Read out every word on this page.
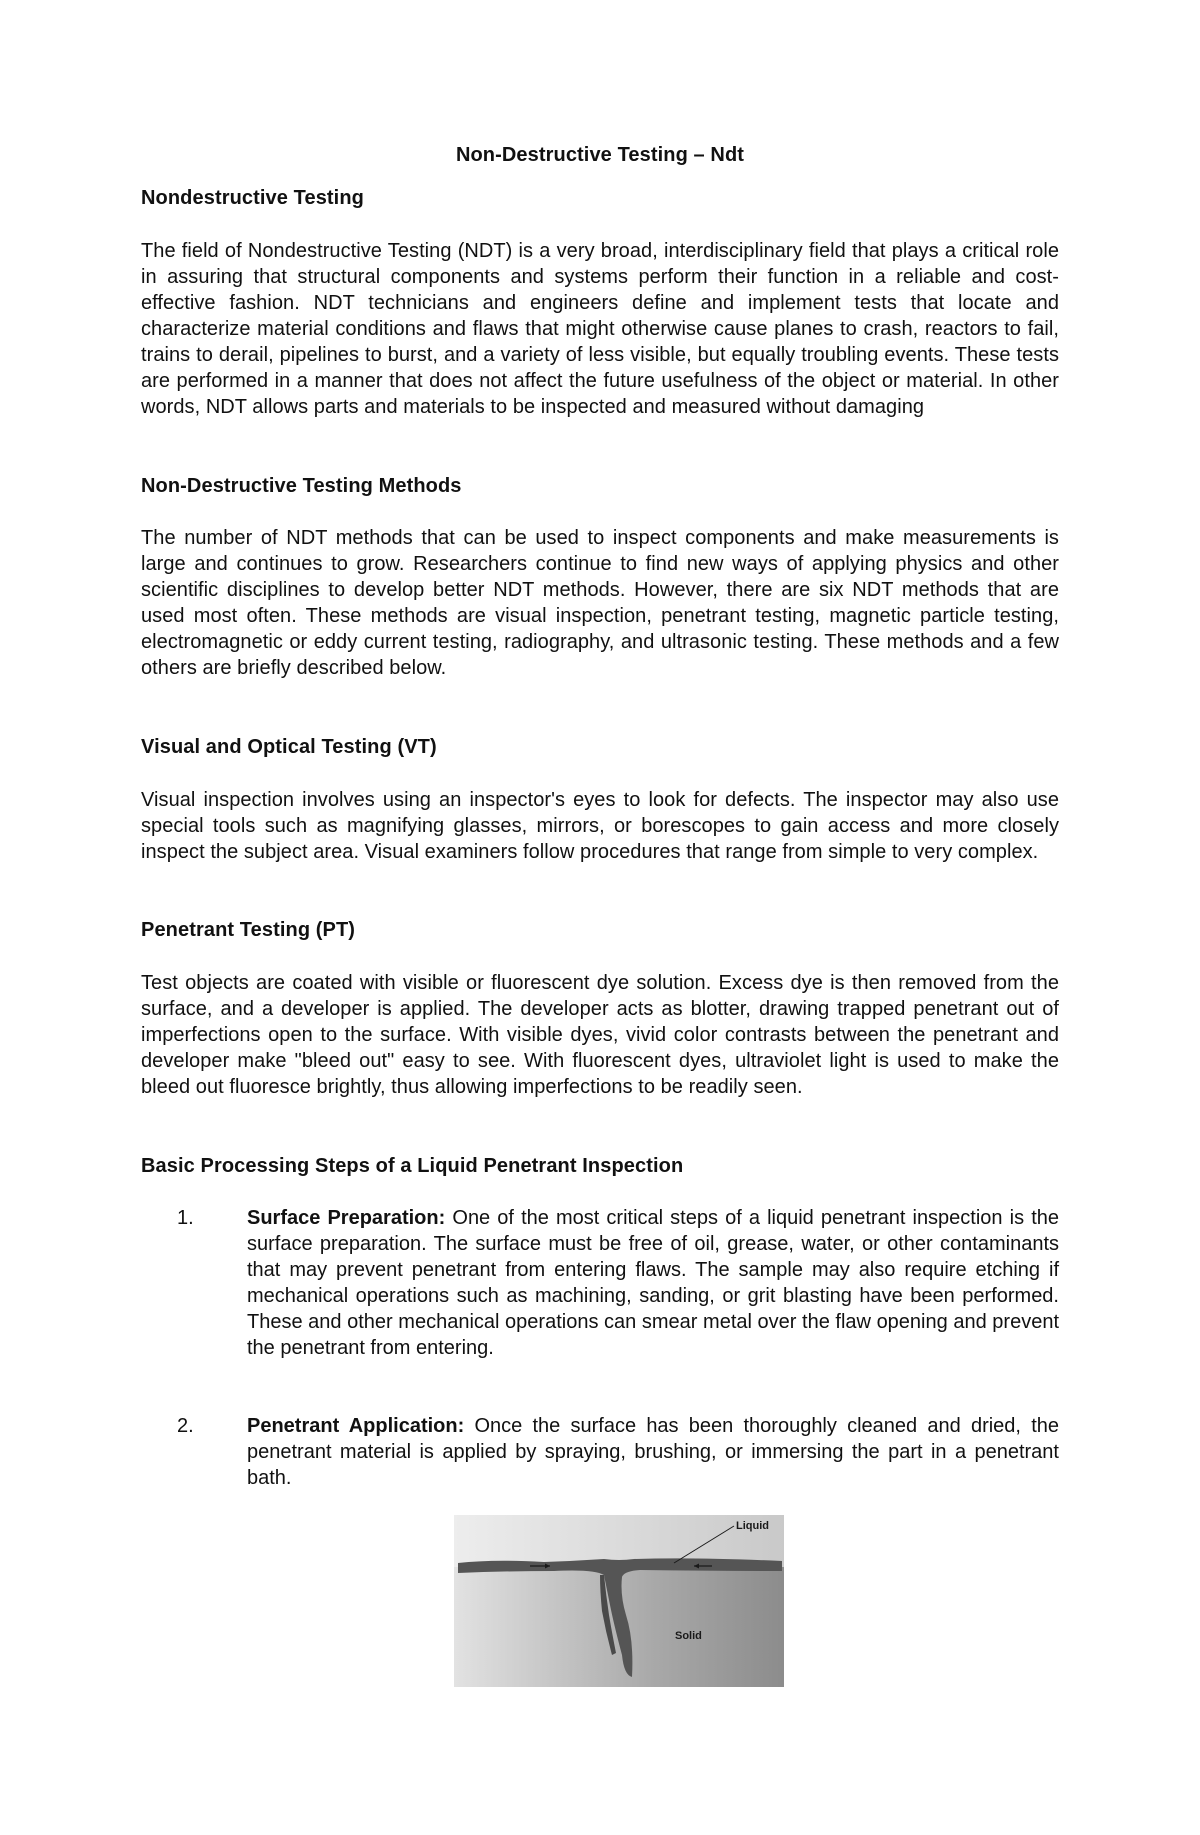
Non-Destructive Testing – Ndt
Nondestructive Testing
The field of Nondestructive Testing (NDT) is a very broad, interdisciplinary field that plays a critical role in assuring that structural components and systems perform their function in a reliable and cost-effective fashion. NDT technicians and engineers define and implement tests that locate and characterize material conditions and flaws that might otherwise cause planes to crash, reactors to fail, trains to derail, pipelines to burst, and a variety of less visible, but equally troubling events. These tests are performed in a manner that does not affect the future usefulness of the object or material. In other words, NDT allows parts and materials to be inspected and measured without damaging
Non-Destructive Testing Methods
The number of NDT methods that can be used to inspect components and make measurements is large and continues to grow. Researchers continue to find new ways of applying physics and other scientific disciplines to develop better NDT methods. However, there are six NDT methods that are used most often. These methods are visual inspection, penetrant testing, magnetic particle testing, electromagnetic or eddy current testing, radiography, and ultrasonic testing. These methods and a few others are briefly described below.
Visual and Optical Testing (VT)
Visual inspection involves using an inspector's eyes to look for defects. The inspector may also use special tools such as magnifying glasses, mirrors, or borescopes to gain access and more closely inspect the subject area. Visual examiners follow procedures that range from simple to very complex.
Penetrant Testing (PT)
Test objects are coated with visible or fluorescent dye solution. Excess dye is then removed from the surface, and a developer is applied. The developer acts as blotter, drawing trapped penetrant out of imperfections open to the surface. With visible dyes, vivid color contrasts between the penetrant and developer make "bleed out" easy to see. With fluorescent dyes, ultraviolet light is used to make the bleed out fluoresce brightly, thus allowing imperfections to be readily seen.
Basic Processing Steps of a Liquid Penetrant Inspection
1.	Surface Preparation: One of the most critical steps of a liquid penetrant inspection is the surface preparation. The surface must be free of oil, grease, water, or other contaminants that may prevent penetrant from entering flaws. The sample may also require etching if mechanical operations such as machining, sanding, or grit blasting have been performed. These and other mechanical operations can smear metal over the flaw opening and prevent the penetrant from entering.
2.	Penetrant Application: Once the surface has been thoroughly cleaned and dried, the penetrant material is applied by spraying, brushing, or immersing the part in a penetrant bath.
Liquid
Solid
